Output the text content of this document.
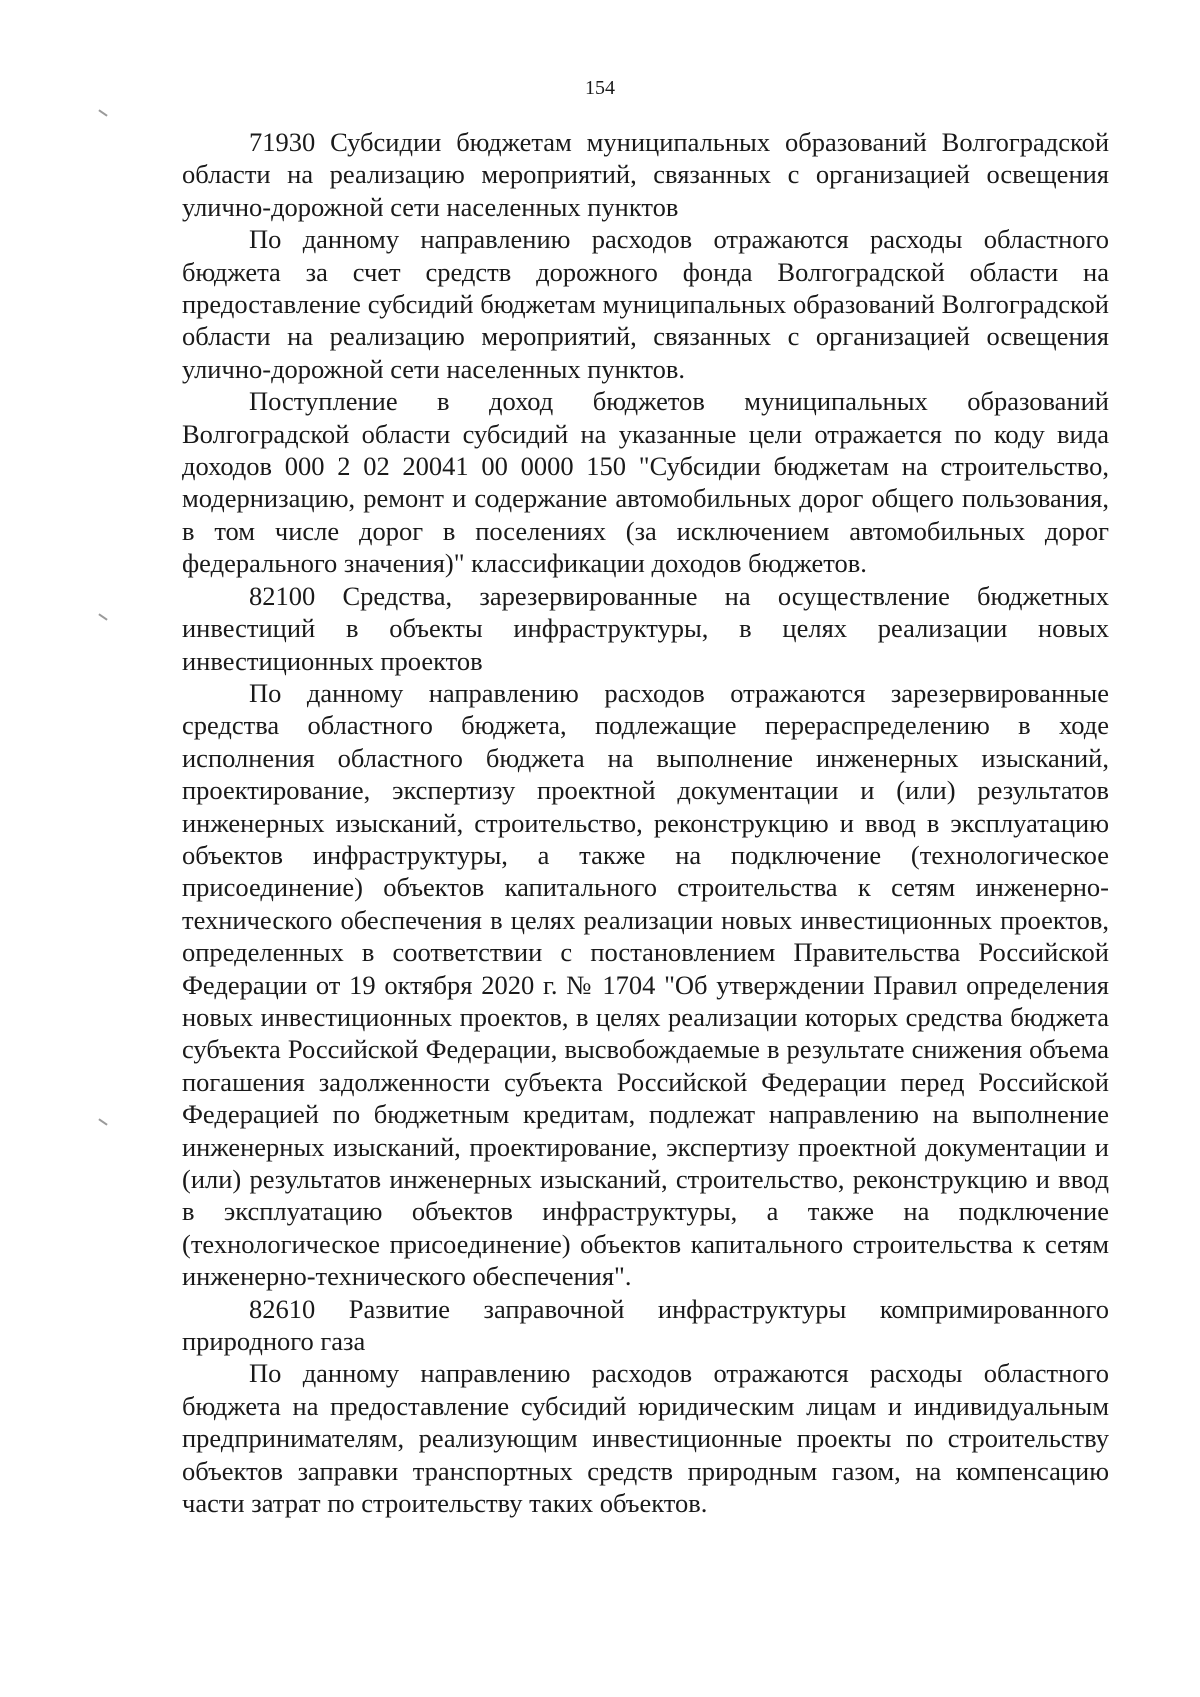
154

71930 Субсидии бюджетам муниципальных образований Волгоградской области на реализацию мероприятий, связанных с организацией освещения улично-дорожной сети населенных пунктов

По данному направлению расходов отражаются расходы областного бюджета за счет средств дорожного фонда Волгоградской области на предоставление субсидий бюджетам муниципальных образований Волгоградской области на реализацию мероприятий, связанных с организацией освещения улично-дорожной сети населенных пунктов.

Поступление в доход бюджетов муниципальных образований Волгоградской области субсидий на указанные цели отражается по коду вида доходов 000 2 02 20041 00 0000 150 "Субсидии бюджетам на строительство, модернизацию, ремонт и содержание автомобильных дорог общего пользования, в том числе дорог в поселениях (за исключением автомобильных дорог федерального значения)" классификации доходов бюджетов.

82100 Средства, зарезервированные на осуществление бюджетных инвестиций в объекты инфраструктуры, в целях реализации новых инвестиционных проектов

По данному направлению расходов отражаются зарезервированные средства областного бюджета, подлежащие перераспределению в ходе исполнения областного бюджета на выполнение инженерных изысканий, проектирование, экспертизу проектной документации и (или) результатов инженерных изысканий, строительство, реконструкцию и ввод в эксплуатацию объектов инфраструктуры, а также на подключение (технологическое присоединение) объектов капитального строительства к сетям инженерно-технического обеспечения в целях реализации новых инвестиционных проектов, определенных в соответствии с постановлением Правительства Российской Федерации от 19 октября 2020 г. № 1704 "Об утверждении Правил определения новых инвестиционных проектов, в целях реализации которых средства бюджета субъекта Российской Федерации, высвобождаемые в результате снижения объема погашения задолженности субъекта Российской Федерации перед Российской Федерацией по бюджетным кредитам, подлежат направлению на выполнение инженерных изысканий, проектирование, экспертизу проектной документации и (или) результатов инженерных изысканий, строительство, реконструкцию и ввод в эксплуатацию объектов инфраструктуры, а также на подключение (технологическое присоединение) объектов капитального строительства к сетям инженерно-технического обеспечения".

82610 Развитие заправочной инфраструктуры компримированного природного газа

По данному направлению расходов отражаются расходы областного бюджета на предоставление субсидий юридическим лицам и индивидуальным предпринимателям, реализующим инвестиционные проекты по строительству объектов заправки транспортных средств природным газом, на компенсацию части затрат по строительству таких объектов.
